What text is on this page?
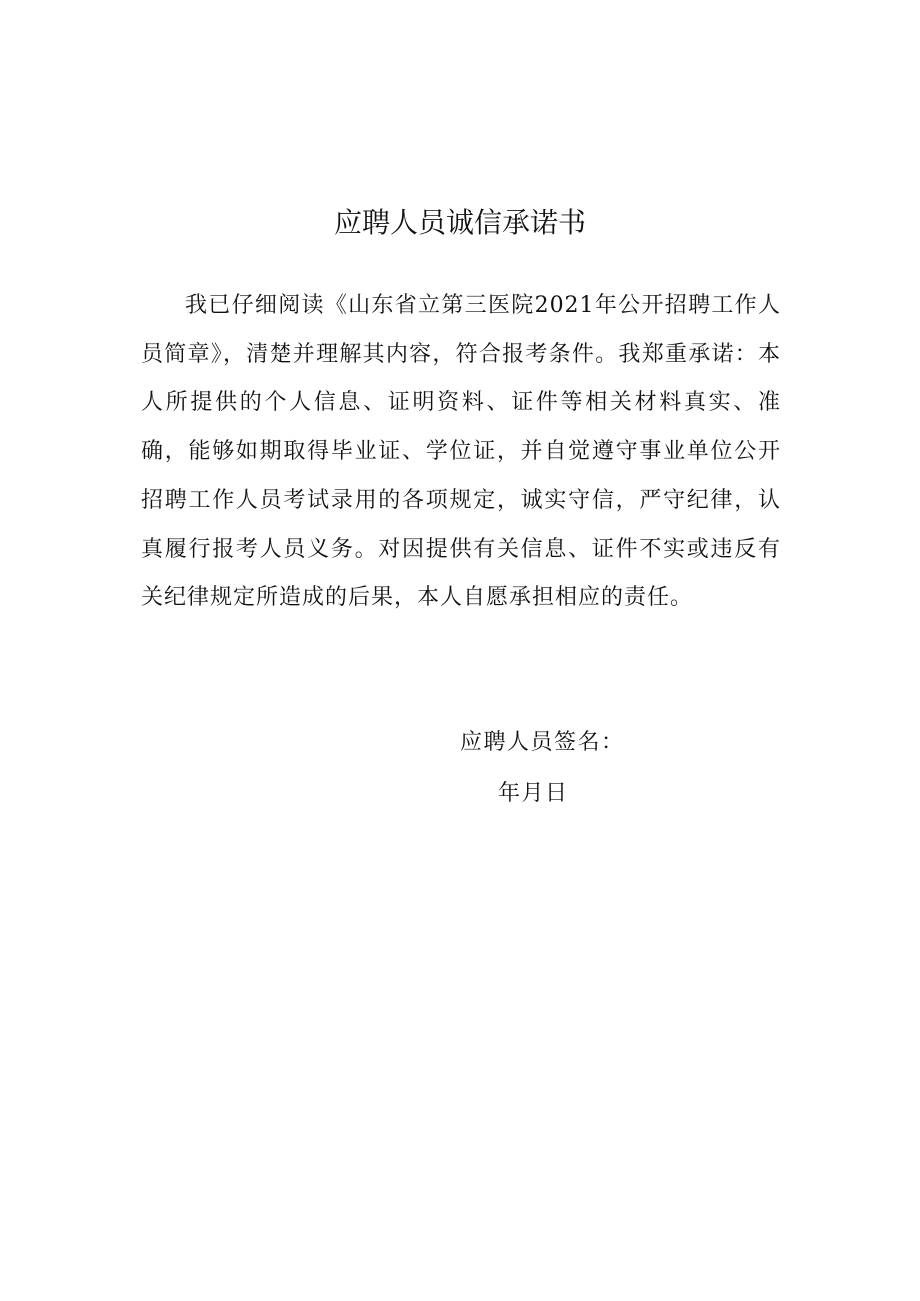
应聘人员诚信承诺书

我已仔细阅读《山东省立第三医院2021年公开招聘工作人员简章》，清楚并理解其内容，符合报考条件。我郑重承诺：本人所提供的个人信息、证明资料、证件等相关材料真实、准确，能够如期取得毕业证、学位证，并自觉遵守事业单位公开招聘工作人员考试录用的各项规定，诚实守信，严守纪律，认真履行报考人员义务。对因提供有关信息、证件不实或违反有关纪律规定所造成的后果，本人自愿承担相应的责任。

应聘人员签名：
年月日
